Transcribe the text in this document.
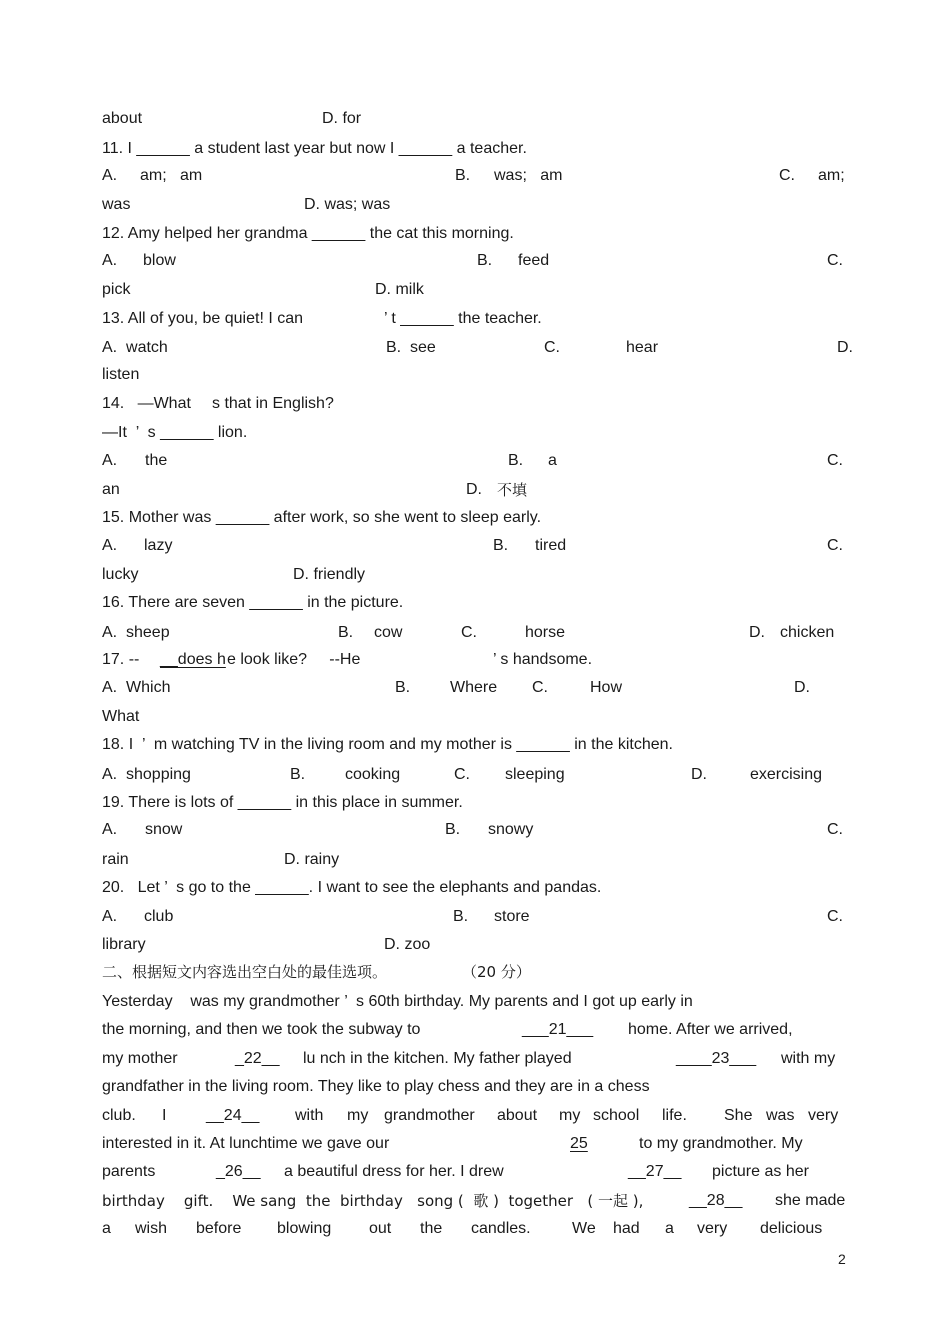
about	D. for
11. I ______ a student last year but now I ______ a teacher.
A. am;   am	B. was;   am	C. am;
was	D. was; was
12. Amy helped her grandma ______ the cat this morning.
A. blow	B. feed	C.
pick	D. milk
13. All of you, be quiet! I can	’ t ______ the teacher.
A.  watch	B.  see	C.	hear	D.
listen
14.   —What s that in English?
—It  ’  s ______ lion.
A. the	B. a	C.
an	D. 不填
15. Mother was ______ after work, so she went to sleep early.
A. lazy	B. tired	C.
lucky	D. friendly
16. There are seven ______ in the picture.
A.  sheep	B. cow	C.	horse	D. chicken
17. -- __does h e look like?     --He	’ s handsome.
A.  Which	B. Where C.	How	D.
What
18. I  ’  m watching TV in the living room and my mother is ______ in the kitchen.
A.  shopping	B. cooking	C. sleeping	D.	exercising
19. There is lots of ______ in this place in summer.
A. snow	B. snowy	C.
rain	D. rainy
20.   Let ’  s go to the ______. I want to see the elephants and pandas.
A. club	B. store	C.
library	D. zoo
二、根据短文内容选出空白处的最佳选项。	（20 分）
Yesterday    was my grandmother ’  s 60th birthday. My parents and I got up early in
the morning, and then we took the subway to	___21___ home. After we arrived,
my mother	_22__ lu nch in the kitchen. My father played	____23___ with my
grandfather in the living room. They like to play chess and they are in a chess
club. I __24__ with my grandmother about my school life. She was very
interested in it. At lunchtime we gave our	25	to my grandmother. My
parents	_26__ a beautiful dress for her. I drew	__27__ picture as her
birthday    gift.    We sang  the  birthday   song (  歌 )  together   ( 一起 ),	__28__ she made
a wish before blowing out the candles.	We had a very delicious
2
